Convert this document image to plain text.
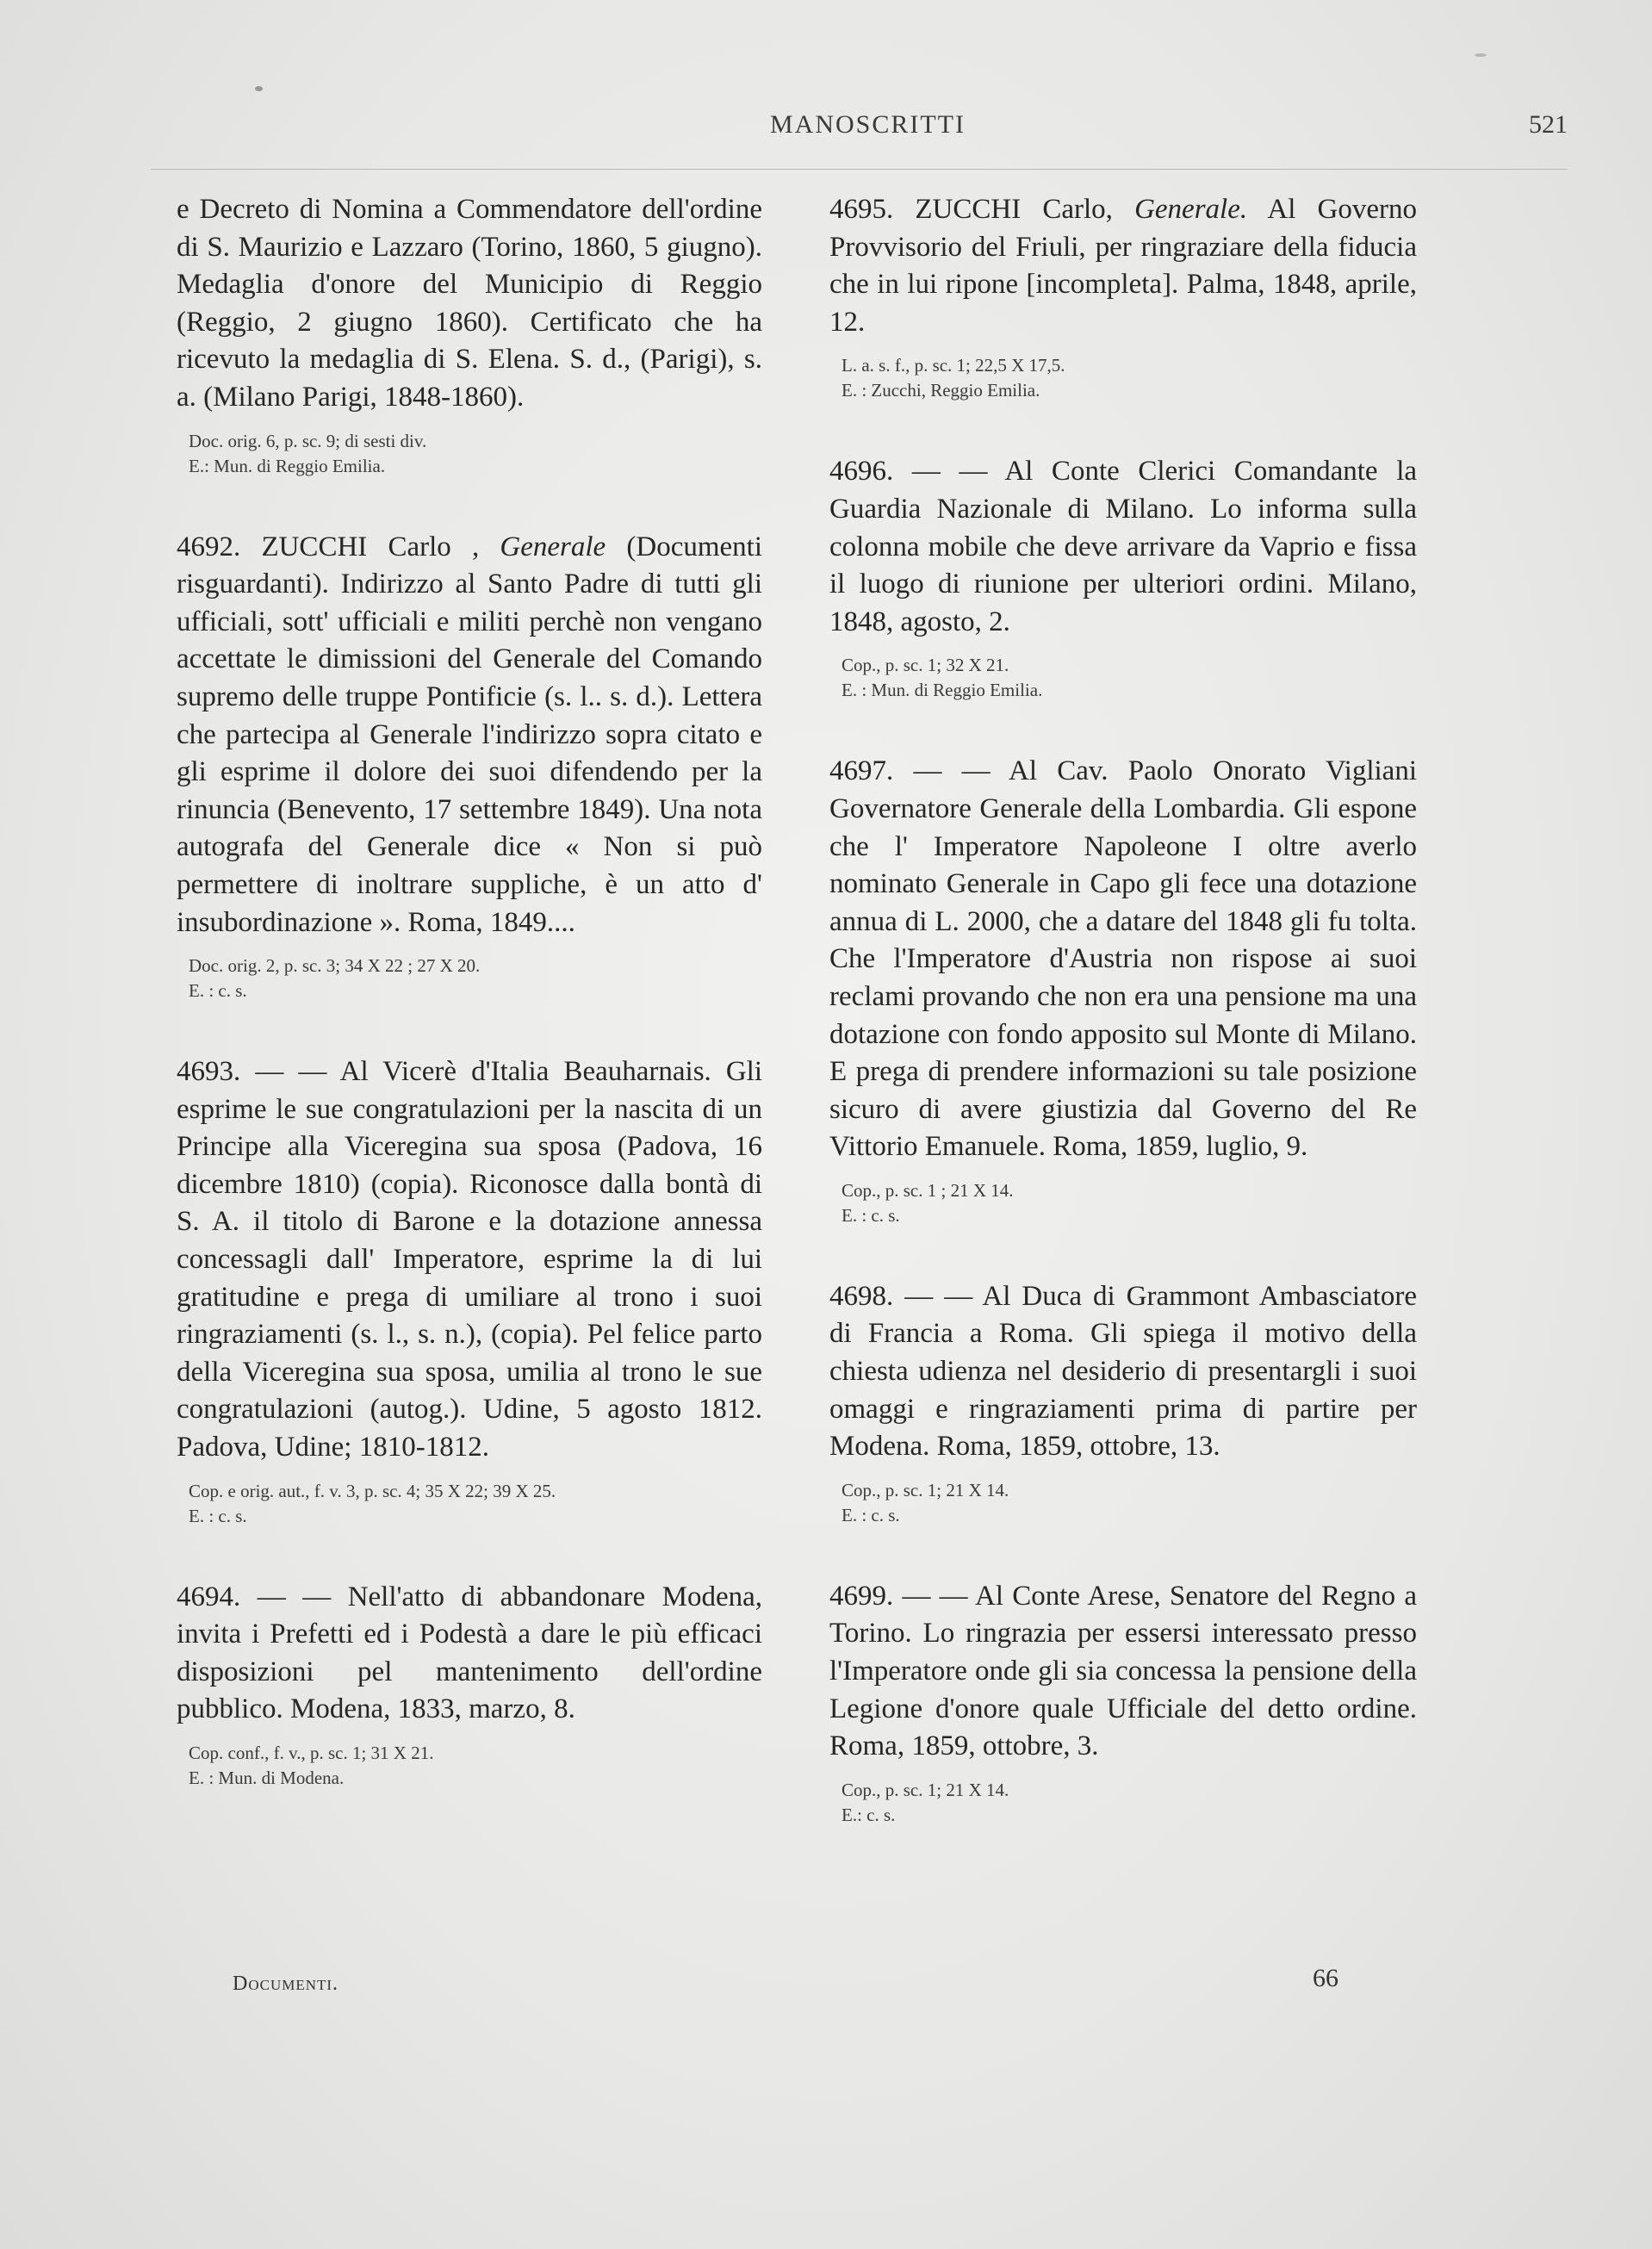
MANOSCRITTI	521

e Decreto di Nomina a Commendatore dell'ordine di S. Maurizio e Lazzaro (Torino, 1860, 5 giugno). Medaglia d'onore del Municipio di Reggio (Reggio, 2 giugno 1860). Certificato che ha ricevuto la medaglia di S. Elena. S. d., (Parigi), s. a. (Milano Parigi, 1848-1860).

Doc. orig. 6, p. sc. 9; di sesti div.
E.: Mun. di Reggio Emilia.

4692. ZUCCHI Carlo , Generale (Documenti risguardanti). Indirizzo al Santo Padre di tutti gli ufficiali, sott' ufficiali e militi perchè non vengano accettate le dimissioni del Generale del Comando supremo delle truppe Pontificie (s. l.. s. d.). Lettera che partecipa al Generale l'indirizzo sopra citato e gli esprime il dolore dei suoi difendendo per la rinuncia (Benevento, 17 settembre 1849). Una nota autografa del Generale dice « Non si può permettere di inoltrare suppliche, è un atto d' insubordinazione ». Roma, 1849....

Doc. orig. 2, p. sc. 3; 34 X 22 ; 27 X 20.
E. : c. s.

4693. — — Al Vicerè d'Italia Beauharnais. Gli esprime le sue congratulazioni per la nascita di un Principe alla Viceregina sua sposa (Padova, 16 dicembre 1810) (copia). Riconosce dalla bontà di S. A. il titolo di Barone e la dotazione annessa concessagli dall' Imperatore, esprime la di lui gratitudine e prega di umiliare al trono i suoi ringraziamenti (s. l., s. n.), (copia). Pel felice parto della Viceregina sua sposa, umilia al trono le sue congratulazioni (autog.). Udine, 5 agosto 1812. Padova, Udine; 1810-1812.

Cop. e orig. aut., f. v. 3, p. sc. 4; 35 X 22; 39 X 25.
E. : c. s.

4694. — — Nell'atto di abbandonare Modena, invita i Prefetti ed i Podestà a dare le più efficaci disposizioni pel mantenimento dell'ordine pubblico. Modena, 1833, marzo, 8.

Cop. conf., f. v., p. sc. 1; 31 X 21.
E. : Mun. di Modena.

4695. ZUCCHI Carlo, Generale. Al Governo Provvisorio del Friuli, per ringraziare della fiducia che in lui ripone [incompleta]. Palma, 1848, aprile, 12.

L. a. s. f., p. sc. 1; 22,5 X 17,5.
E. : Zucchi, Reggio Emilia.

4696. — — Al Conte Clerici Comandante la Guardia Nazionale di Milano. Lo informa sulla colonna mobile che deve arrivare da Vaprio e fissa il luogo di riunione per ulteriori ordini. Milano, 1848, agosto, 2.

Cop., p. sc. 1; 32 X 21.
E. : Mun. di Reggio Emilia.

4697. — — Al Cav. Paolo Onorato Vigliani Governatore Generale della Lombardia. Gli espone che l' Imperatore Napoleone I oltre averlo nominato Generale in Capo gli fece una dotazione annua di L. 2000, che a datare del 1848 gli fu tolta. Che l'Imperatore d'Austria non rispose ai suoi reclami provando che non era una pensione ma una dotazione con fondo apposito sul Monte di Milano. E prega di prendere informazioni su tale posizione sicuro di avere giustizia dal Governo del Re Vittorio Emanuele. Roma, 1859, luglio, 9.

Cop., p. sc. 1 ; 21 X 14.
E. : c. s.

4698. — — Al Duca di Grammont Ambasciatore di Francia a Roma. Gli spiega il motivo della chiesta udienza nel desiderio di presentargli i suoi omaggi e ringraziamenti prima di partire per Modena. Roma, 1859, ottobre, 13.

Cop., p. sc. 1; 21 X 14.
E. : c. s.

4699. — — Al Conte Arese, Senatore del Regno a Torino. Lo ringrazia per essersi interessato presso l'Imperatore onde gli sia concessa la pensione della Legione d'onore quale Ufficiale del detto ordine. Roma, 1859, ottobre, 3.

Cop., p. sc. 1; 21 X 14.
E.: c. s.
Documenti.	66
